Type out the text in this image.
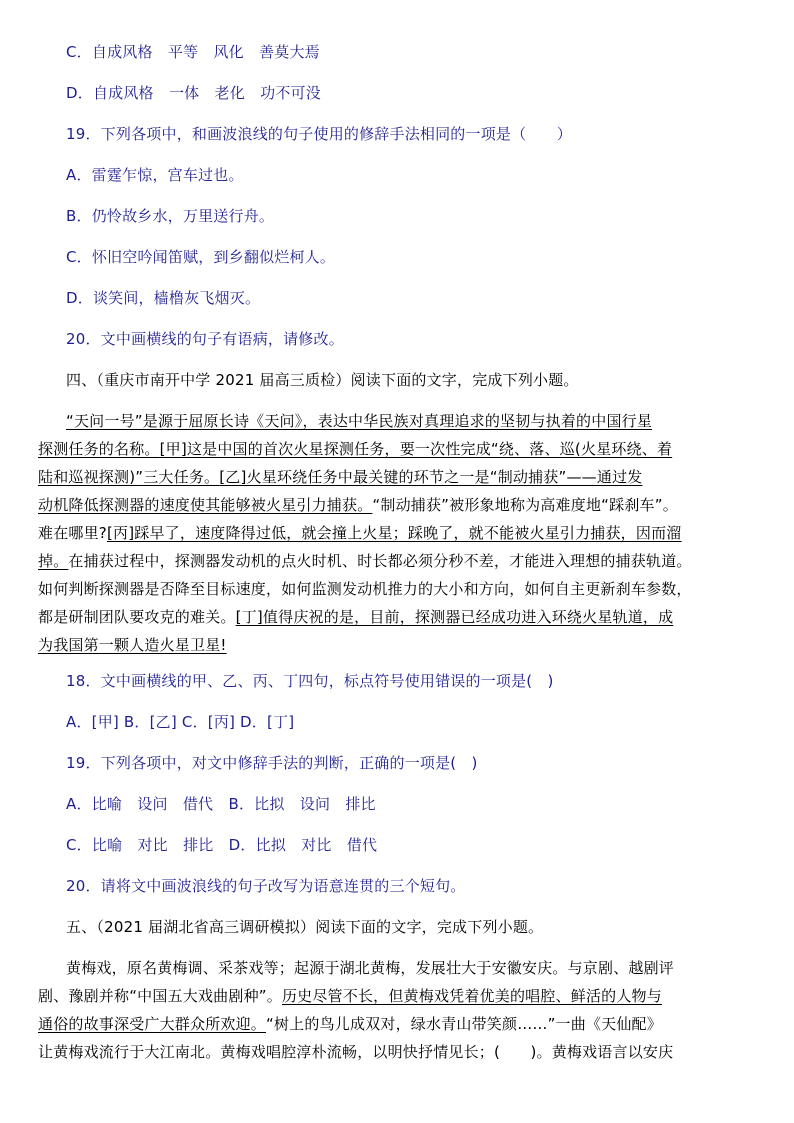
C．自成风格　平等　风化　善莫大焉
D．自成风格　一体　老化　功不可没
19．下列各项中，和画波浪线的句子使用的修辞手法相同的一项是（　　）
A．雷霆乍惊，宫车过也。
B．仍怜故乡水，万里送行舟。
C．怀旧空吟闻笛赋，到乡翻似烂柯人。
D．谈笑间，樯橹灰飞烟灭。
20．文中画横线的句子有语病，请修改。
四、（重庆市南开中学 2021 届高三质检）阅读下面的文字，完成下列小题。
“天问一号”是源于屈原长诗《天问》，表达中华民族对真理追求的坚韧与执着的中国行星
探测任务的名称。[甲]这是中国的首次火星探测任务，要一次性完成“绕、落、巡(火星环绕、着
陆和巡视探测)”三大任务。[乙]火星环绕任务中最关键的环节之一是“制动捕获”——通过发
动机降低探测器的速度使其能够被火星引力捕获。“制动捕获”被形象地称为高难度地“踩刹车”。
难在哪里?[丙]踩早了，速度降得过低，就会撞上火星；踩晚了，就不能被火星引力捕获，因而溜
掉。在捕获过程中，探测器发动机的点火时机、时长都必须分秒不差，才能进入理想的捕获轨道。
如何判断探测器是否降至目标速度，如何监测发动机推力的大小和方向，如何自主更新刹车参数，
都是研制团队要攻克的难关。[丁]值得庆祝的是，目前，探测器已经成功进入环绕火星轨道，成
为我国第一颗人造火星卫星!
18．文中画横线的甲、乙、丙、丁四句，标点符号使用错误的一项是(　)
A．[甲] B．[乙] C．[丙] D．[丁]
19．下列各项中，对文中修辞手法的判断，正确的一项是(　)
A．比喻　设问　借代　B．比拟　设问　排比
C．比喻　对比　排比　D．比拟　对比　借代
20．请将文中画波浪线的句子改写为语意连贯的三个短句。
五、（2021 届湖北省高三调研模拟）阅读下面的文字，完成下列小题。
黄梅戏，原名黄梅调、采茶戏等；起源于湖北黄梅，发展壮大于安徽安庆。与京剧、越剧评
剧、豫剧并称“中国五大戏曲剧种”。历史尽管不长，但黄梅戏凭着优美的唱腔、鲜活的人物与
通俗的故事深受广大群众所欢迎。“树上的鸟儿成双对，绿水青山带笑颜……”一曲《天仙配》
让黄梅戏流行于大江南北。黄梅戏唱腔淳朴流畅，以明快抒情见长；(　　)。黄梅戏语言以安庆
